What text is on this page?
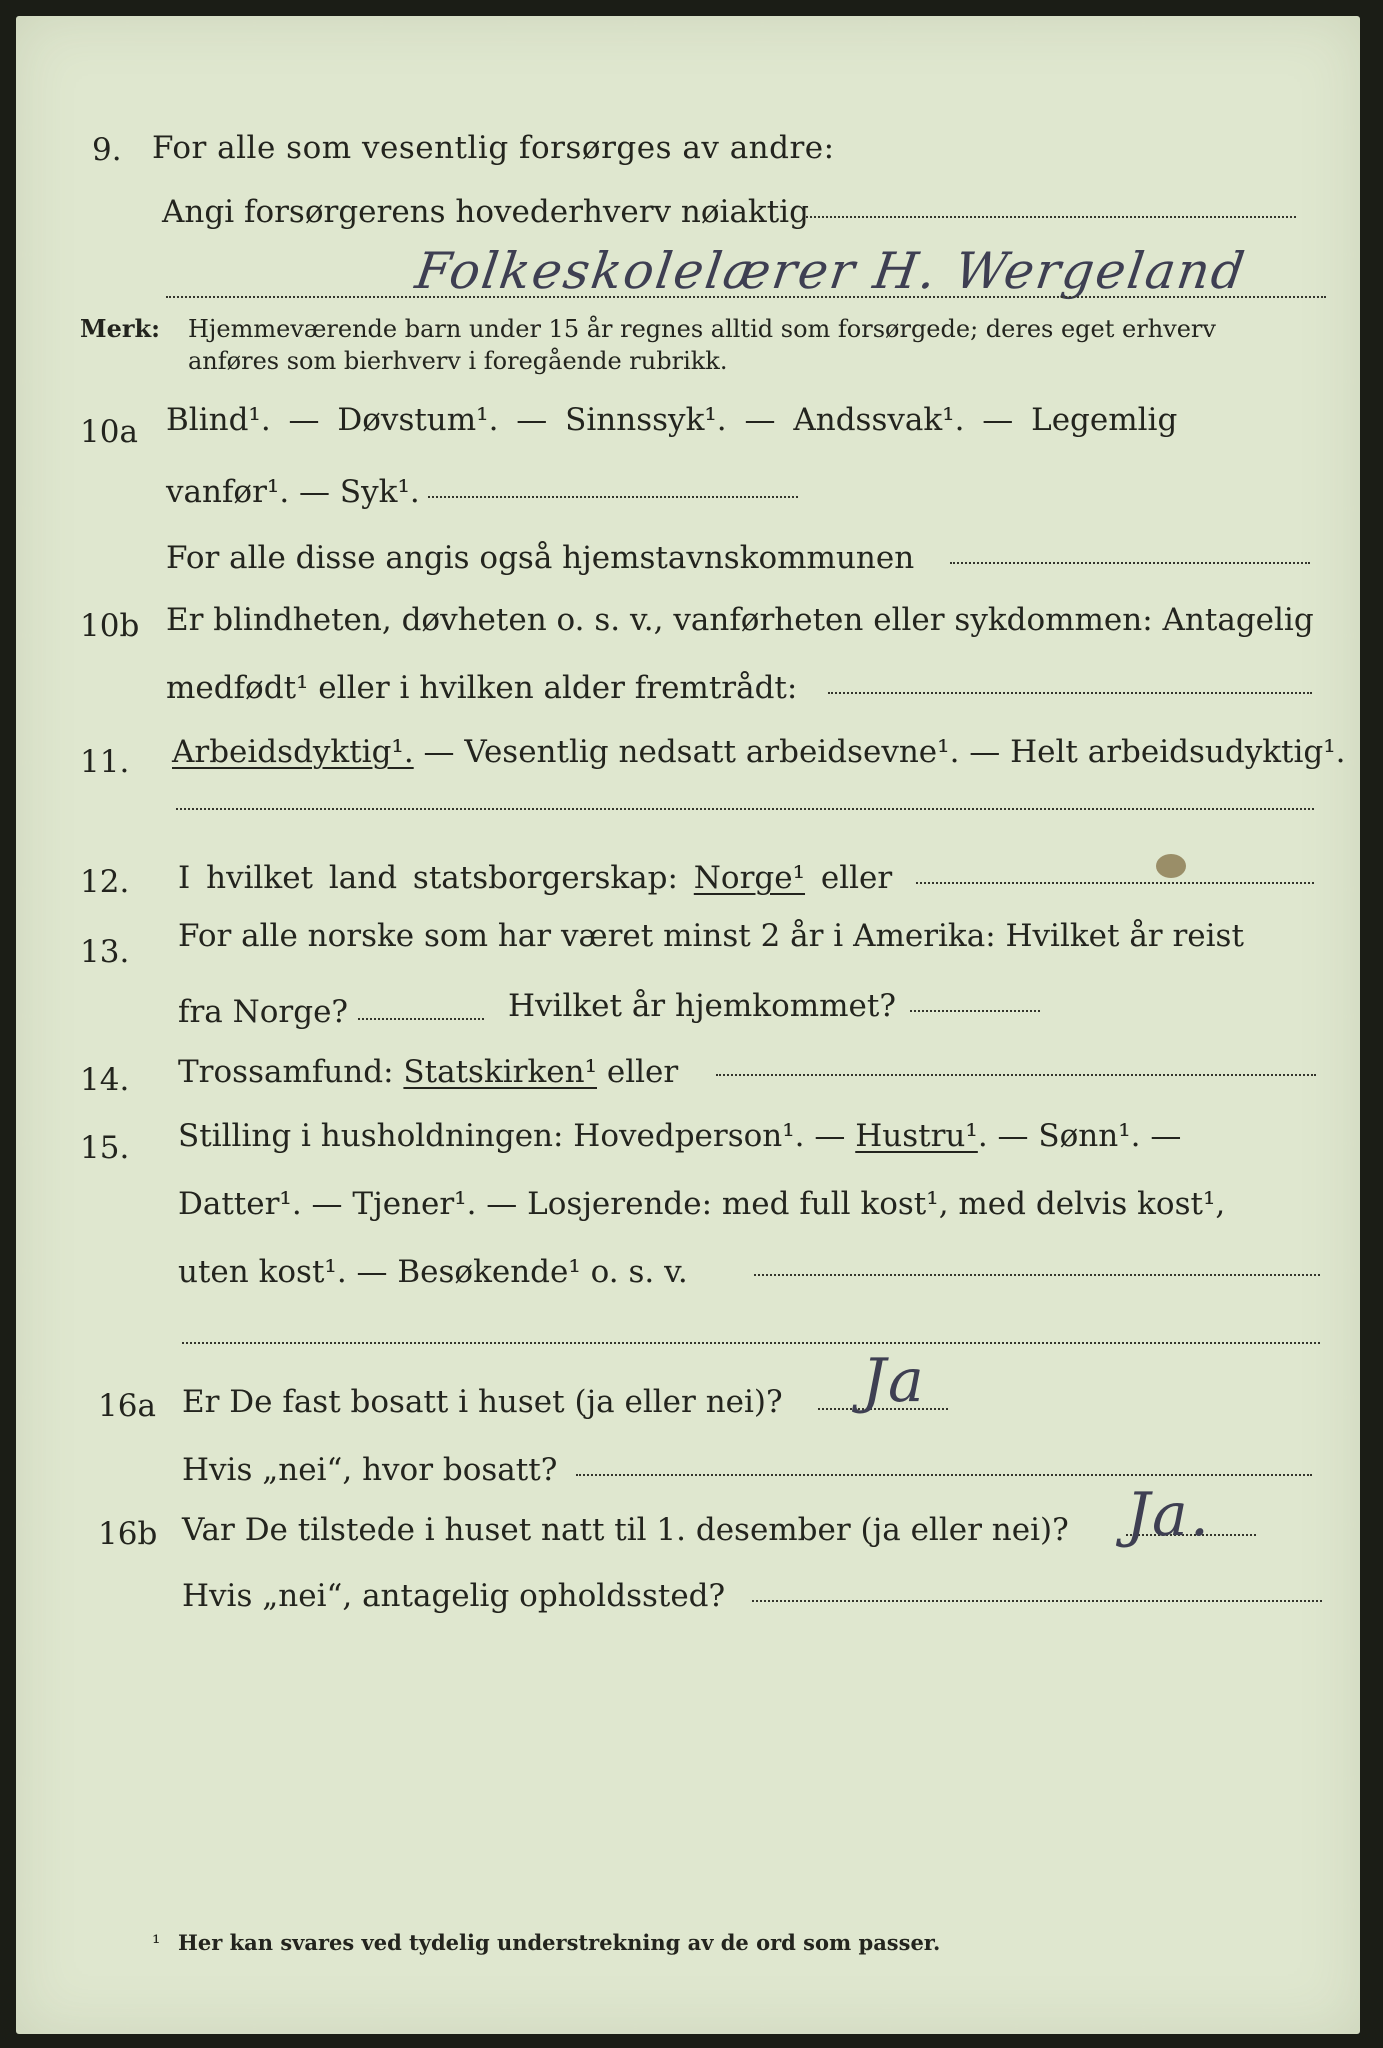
9. For alle som vesentlig forsørges av andre:
Angi forsørgerens hovederhverv nøiaktig
Folkeskolelærer H. Wergeland
Merk: Hjemmeværende barn under 15 år regnes alltid som forsørgede; deres eget erhverv
anføres som bierhverv i foregående rubrikk.
10a Blind¹. — Døvstum¹. — Sinnssyk¹. — Andssvak¹. — Legemlig
vanfør¹. — Syk¹.
For alle disse angis også hjemstavnskommunen
10b Er blindheten, døvheten o. s. v., vanførheten eller sykdommen: Antagelig
medfødt¹ eller i hvilken alder fremtrådt:
11. Arbeidsdyktig¹. — Vesentlig nedsatt arbeidsevne¹. — Helt arbeidsudyktig¹.
12. I hvilket land statsborgerskap: Norge¹ eller
13. For alle norske som har været minst 2 år i Amerika: Hvilket år reist
fra Norge?	Hvilket år hjemkommet?
14. Trossamfund: Statskirken¹ eller
15. Stilling i husholdningen: Hovedperson¹. — Hustru¹. — Sønn¹. —
Datter¹. — Tjener¹. — Losjerende: med full kost¹, med delvis kost¹,
uten kost¹. — Besøkende¹ o. s. v.
16a Er De fast bosatt i huset (ja eller nei)? Ja
Hvis „nei“, hvor bosatt?
16b Var De tilstede i huset natt til 1. desember (ja eller nei)? Ja.
Hvis „nei“, antagelig opholdssted?
¹ Her kan svares ved tydelig understrekning av de ord som passer.
